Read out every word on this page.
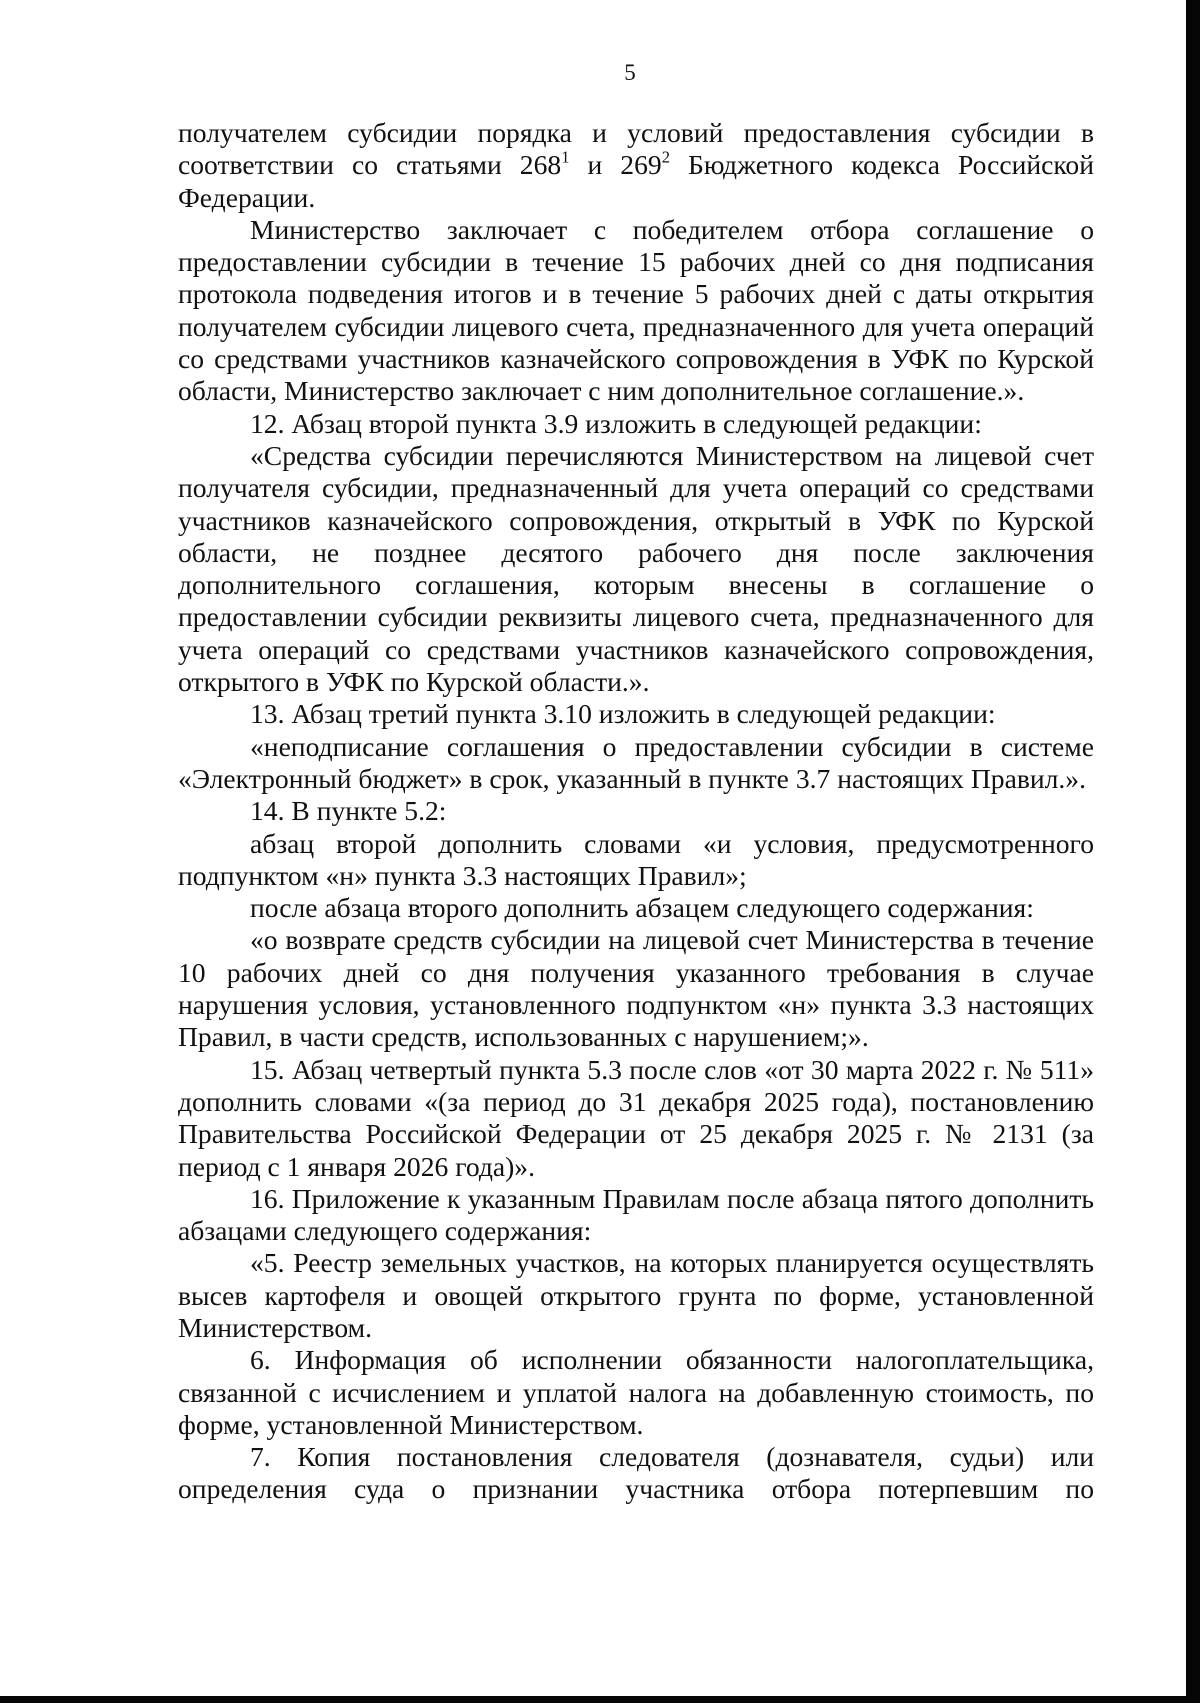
5

получателем субсидии порядка и условий предоставления субсидии в соответствии со статьями $268^1$ и $269^2$ Бюджетного кодекса Российской Федерации.

Министерство заключает с победителем отбора соглашение о предоставлении субсидии в течение 15 рабочих дней со дня подписания протокола подведения итогов и в течение 5 рабочих дней с даты открытия получателем субсидии лицевого счета, предназначенного для учета операций со средствами участников казначейского сопровождения в УФК по Курской области, Министерство заключает с ним дополнительное соглашение.».

12. Абзац второй пункта 3.9 изложить в следующей редакции:

«Средства субсидии перечисляются Министерством на лицевой счет получателя субсидии, предназначенный для учета операций со средствами участников казначейского сопровождения, открытый в УФК по Курской области, не позднее десятого рабочего дня после заключения дополнительного соглашения, которым внесены в соглашение о предоставлении субсидии реквизиты лицевого счета, предназначенного для учета операций со средствами участников казначейского сопровождения, открытого в УФК по Курской области.».

13. Абзац третий пункта 3.10 изложить в следующей редакции:

«неподписание соглашения о предоставлении субсидии в системе «Электронный бюджет» в срок, указанный в пункте 3.7 настоящих Правил.».

14. В пункте 5.2:

абзац второй дополнить словами «и условия, предусмотренного подпунктом «н» пункта 3.3 настоящих Правил»;

после абзаца второго дополнить абзацем следующего содержания:

«о возврате средств субсидии на лицевой счет Министерства в течение 10 рабочих дней со дня получения указанного требования в случае нарушения условия, установленного подпунктом «н» пункта 3.3 настоящих Правил, в части средств, использованных с нарушением;».

15. Абзац четвертый пункта 5.3 после слов «от 30 марта 2022 г. № 511» дополнить словами «(за период до 31 декабря 2025 года), постановлению Правительства Российской Федерации от 25 декабря 2025 г. № 2131 (за период с 1 января 2026 года)».

16. Приложение к указанным Правилам после абзаца пятого дополнить абзацами следующего содержания:

«5. Реестр земельных участков, на которых планируется осуществлять высев картофеля и овощей открытого грунта по форме, установленной Министерством.

6. Информация об исполнении обязанности налогоплательщика, связанной с исчислением и уплатой налога на добавленную стоимость, по форме, установленной Министерством.

7. Копия постановления следователя (дознавателя, судьи) или
определения суда о признании участника отбора потерпевшим по
